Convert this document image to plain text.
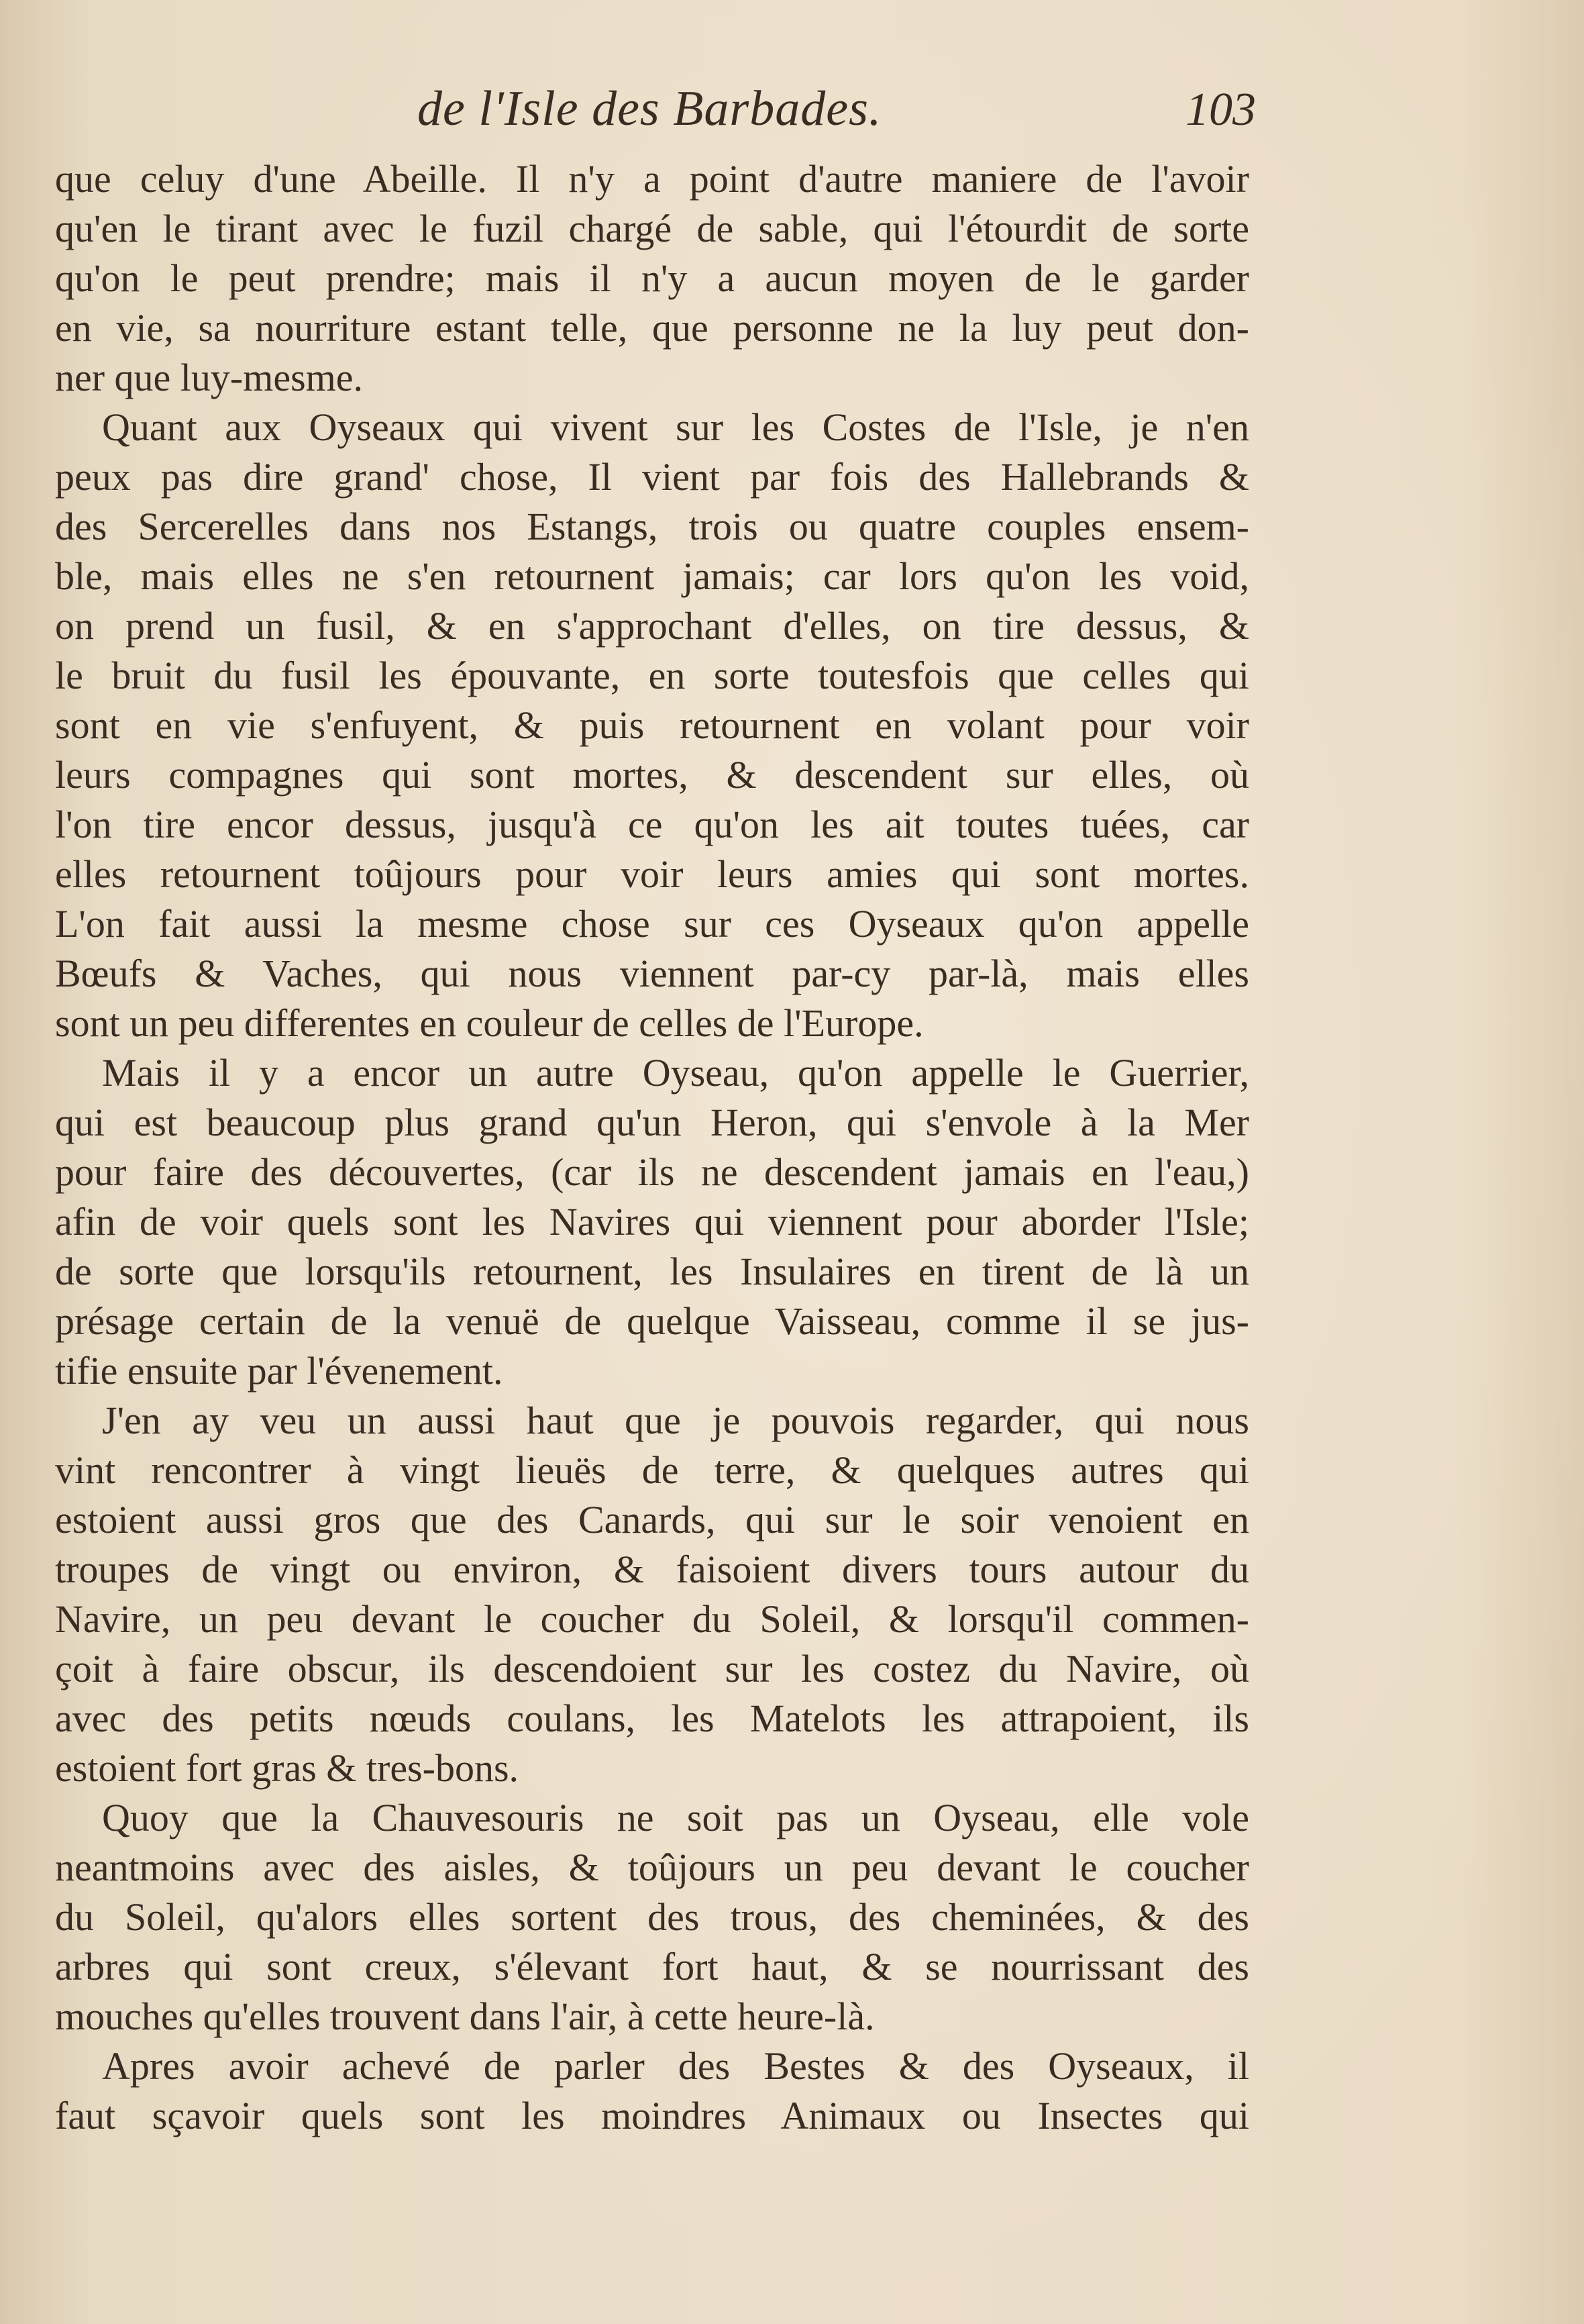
de l'Isle des Barbades.	103
que celuy d'une Abeille. Il n'y a point d'autre maniere de l'avoir
qu'en le tirant avec le fuzil chargé de sable, qui l'étourdit de sorte
qu'on le peut prendre; mais il n'y a aucun moyen de le garder
en vie, sa nourriture estant telle, que personne ne la luy peut don-
ner que luy-mesme.
Quant aux Oyseaux qui vivent sur les Costes de l'Isle, je n'en
peux pas dire grand' chose, Il vient par fois des Hallebrands &
des Sercerelles dans nos Estangs, trois ou quatre couples ensem-
ble, mais elles ne s'en retournent jamais; car lors qu'on les void,
on prend un fusil, & en s'approchant d'elles, on tire dessus, &
le bruit du fusil les épouvante, en sorte toutesfois que celles qui
sont en vie s'enfuyent, & puis retournent en volant pour voir
leurs compagnes qui sont mortes, & descendent sur elles, où
l'on tire encor dessus, jusqu'à ce qu'on les ait toutes tuées, car
elles retournent toûjours pour voir leurs amies qui sont mortes.
L'on fait aussi la mesme chose sur ces Oyseaux qu'on appelle
Bœufs & Vaches, qui nous viennent par-cy par-là, mais elles
sont un peu differentes en couleur de celles de l'Europe.
Mais il y a encor un autre Oyseau, qu'on appelle le Guerrier,
qui est beaucoup plus grand qu'un Heron, qui s'envole à la Mer
pour faire des découvertes, (car ils ne descendent jamais en l'eau,)
afin de voir quels sont les Navires qui viennent pour aborder l'Isle;
de sorte que lorsqu'ils retournent, les Insulaires en tirent de là un
présage certain de la venuë de quelque Vaisseau, comme il se jus-
tifie ensuite par l'évenement.
J'en ay veu un aussi haut que je pouvois regarder, qui nous
vint rencontrer à vingt lieuës de terre, & quelques autres qui
estoient aussi gros que des Canards, qui sur le soir venoient en
troupes de vingt ou environ, & faisoient divers tours autour du
Navire, un peu devant le coucher du Soleil, & lorsqu'il commen-
çoit à faire obscur, ils descendoient sur les costez du Navire, où
avec des petits nœuds coulans, les Matelots les attrapoient, ils
estoient fort gras & tres-bons.
Quoy que la Chauvesouris ne soit pas un Oyseau, elle vole
neantmoins avec des aisles, & toûjours un peu devant le coucher
du Soleil, qu'alors elles sortent des trous, des cheminées, & des
arbres qui sont creux, s'élevant fort haut, & se nourrissant des
mouches qu'elles trouvent dans l'air, à cette heure-là.
Apres avoir achevé de parler des Bestes & des Oyseaux, il
faut sçavoir quels sont les moindres Animaux ou Insectes qui
